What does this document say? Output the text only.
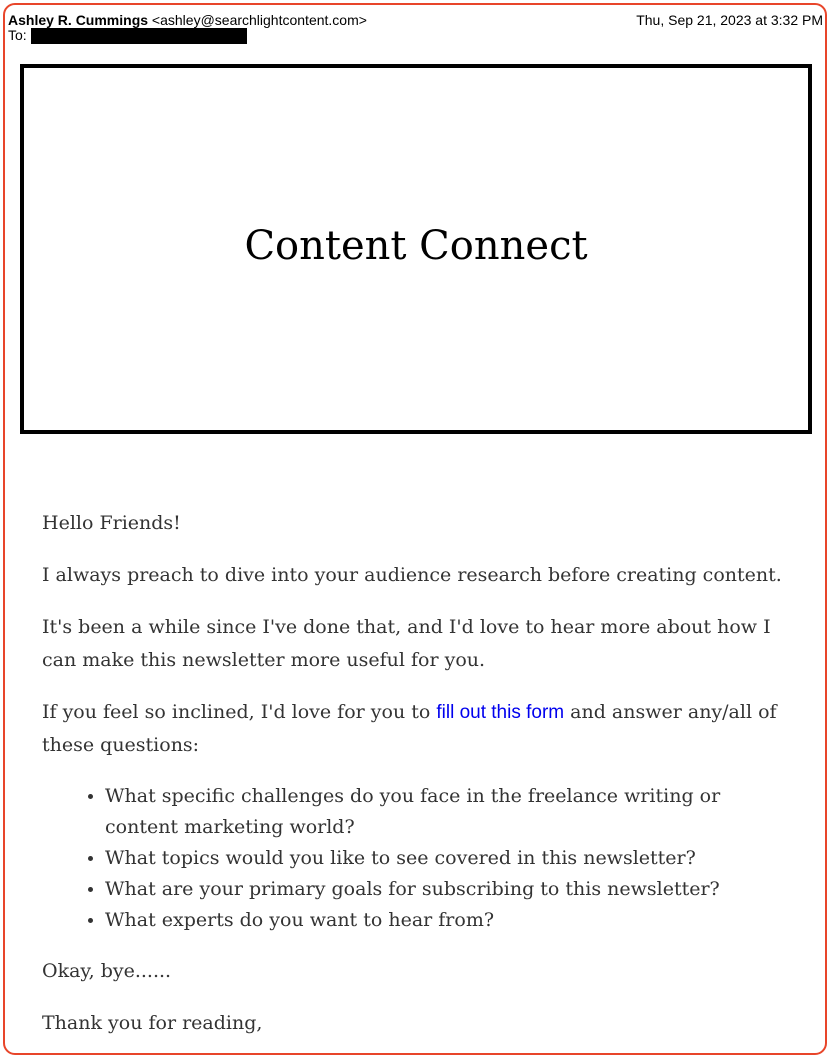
Ashley R. Cummings <ashley@searchlightcontent.com>	Thu, Sep 21, 2023 at 3:32 PM
To:
Content Connect

Hello Friends!

I always preach to dive into your audience research before creating content.

It's been a while since I've done that, and I'd love to hear more about how I can make this newsletter more useful for you.

If you feel so inclined, I'd love for you to fill out this form and answer any/all of these questions:

• What specific challenges do you face in the freelance writing or content marketing world?
• What topics would you like to see covered in this newsletter?
• What are your primary goals for subscribing to this newsletter?
• What experts do you want to hear from?

Okay, bye......

Thank you for reading,
